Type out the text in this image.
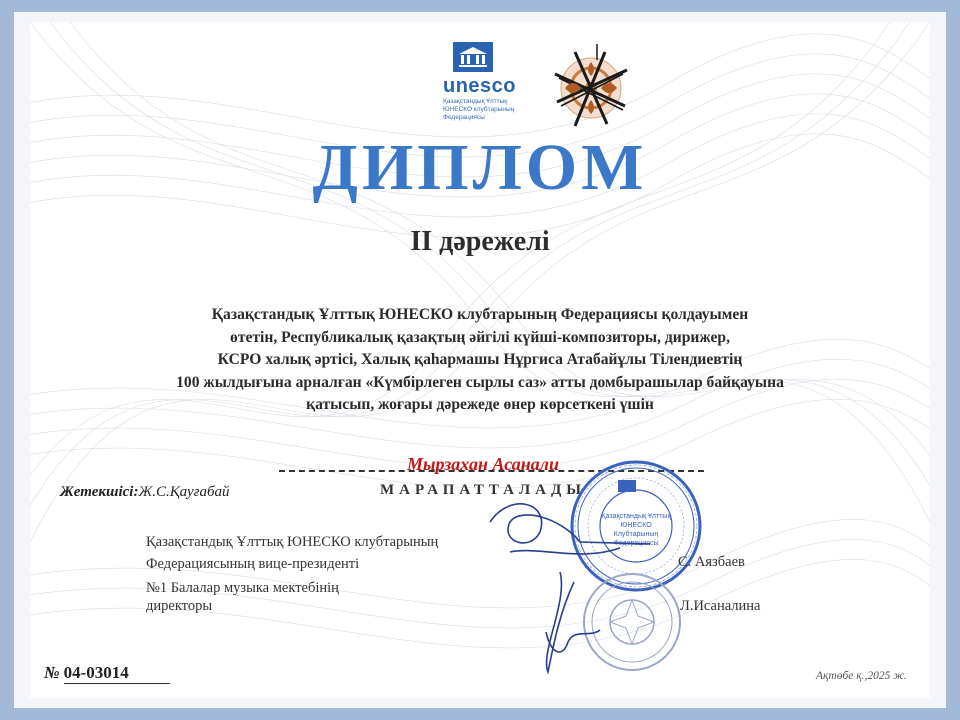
unesco
Қазақстандық Ұлттық
ЮНЕСКО клубтарының
Федерациясы
ДИПЛОМ
II дәрежелі
Қазақстандық Ұлттық ЮНЕСКО клубтарының Федерациясы қолдауымен
өтетін, Республикалық қазақтың әйгілі күйші-композиторы, дирижер,
КСРО халық әртісі, Халық қаһармашы Нұргиса Атабайұлы Тілендиевтің
100 жылдығына арналған «Күмбірлеген сырлы саз» атты домбырашылар байқауына
қатысып, жоғары дәрежеде өнер көрсеткені үшін
Мырзахан Асанали
МАРАПАТТАЛАДЫ
Жетекшісі:Ж.С.Қауғабай
Қазақстандық Ұлттық ЮНЕСКО клубтарының
Федерациясының вице-президенті
№1 Балалар музыка мектебінің
директоры
Қазақстандық Ұлттық
ЮНЕСКО
Клубтарының
Федерациясы
С. Аязбаев
Л.Исаналина
№ 04-03014	Ақтөбе қ.,2025 ж.
